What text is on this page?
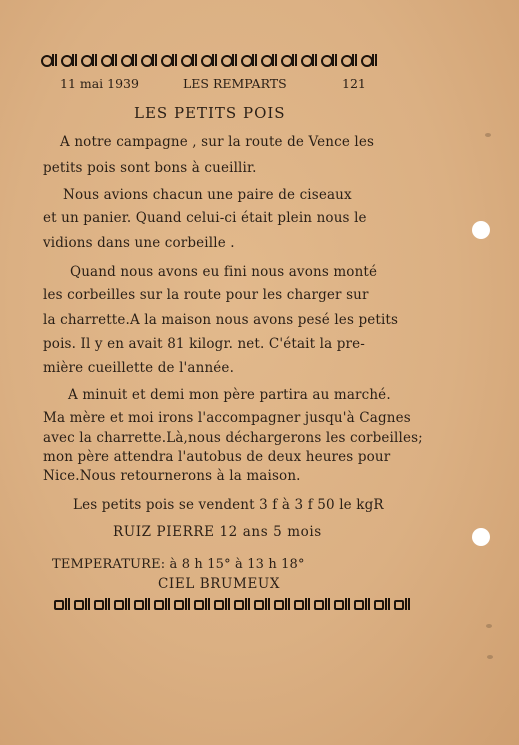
11 mai 1939	LES REMPARTS	121
LES PETITS POIS
A notre campagne , sur la route de Vence les
petits pois sont bons à cueillir.
Nous avions chacun une paire de ciseaux
et un panier. Quand celui-ci était plein nous le
vidions dans une corbeille .
Quand nous avons eu fini nous avons monté
les corbeilles sur la route pour les charger sur
la charrette.A la maison nous avons pesé les petits
pois. Il y en avait 81 kilogr. net. C'était la pre-
mière cueillette de l'année.
A minuit et demi mon père partira au marché.
Ma mère et moi irons l'accompagner jusqu'à Cagnes
avec la charrette.Là,nous déchargerons les corbeilles;
mon père attendra l'autobus de deux heures pour
Nice.Nous retournerons à la maison.
Les petits pois se vendent 3 f à 3 f 50 le kgR
RUIZ PIERRE 12 ans 5 mois
TEMPERATURE: à 8 h 15° à 13 h 18°
CIEL BRUMEUX
